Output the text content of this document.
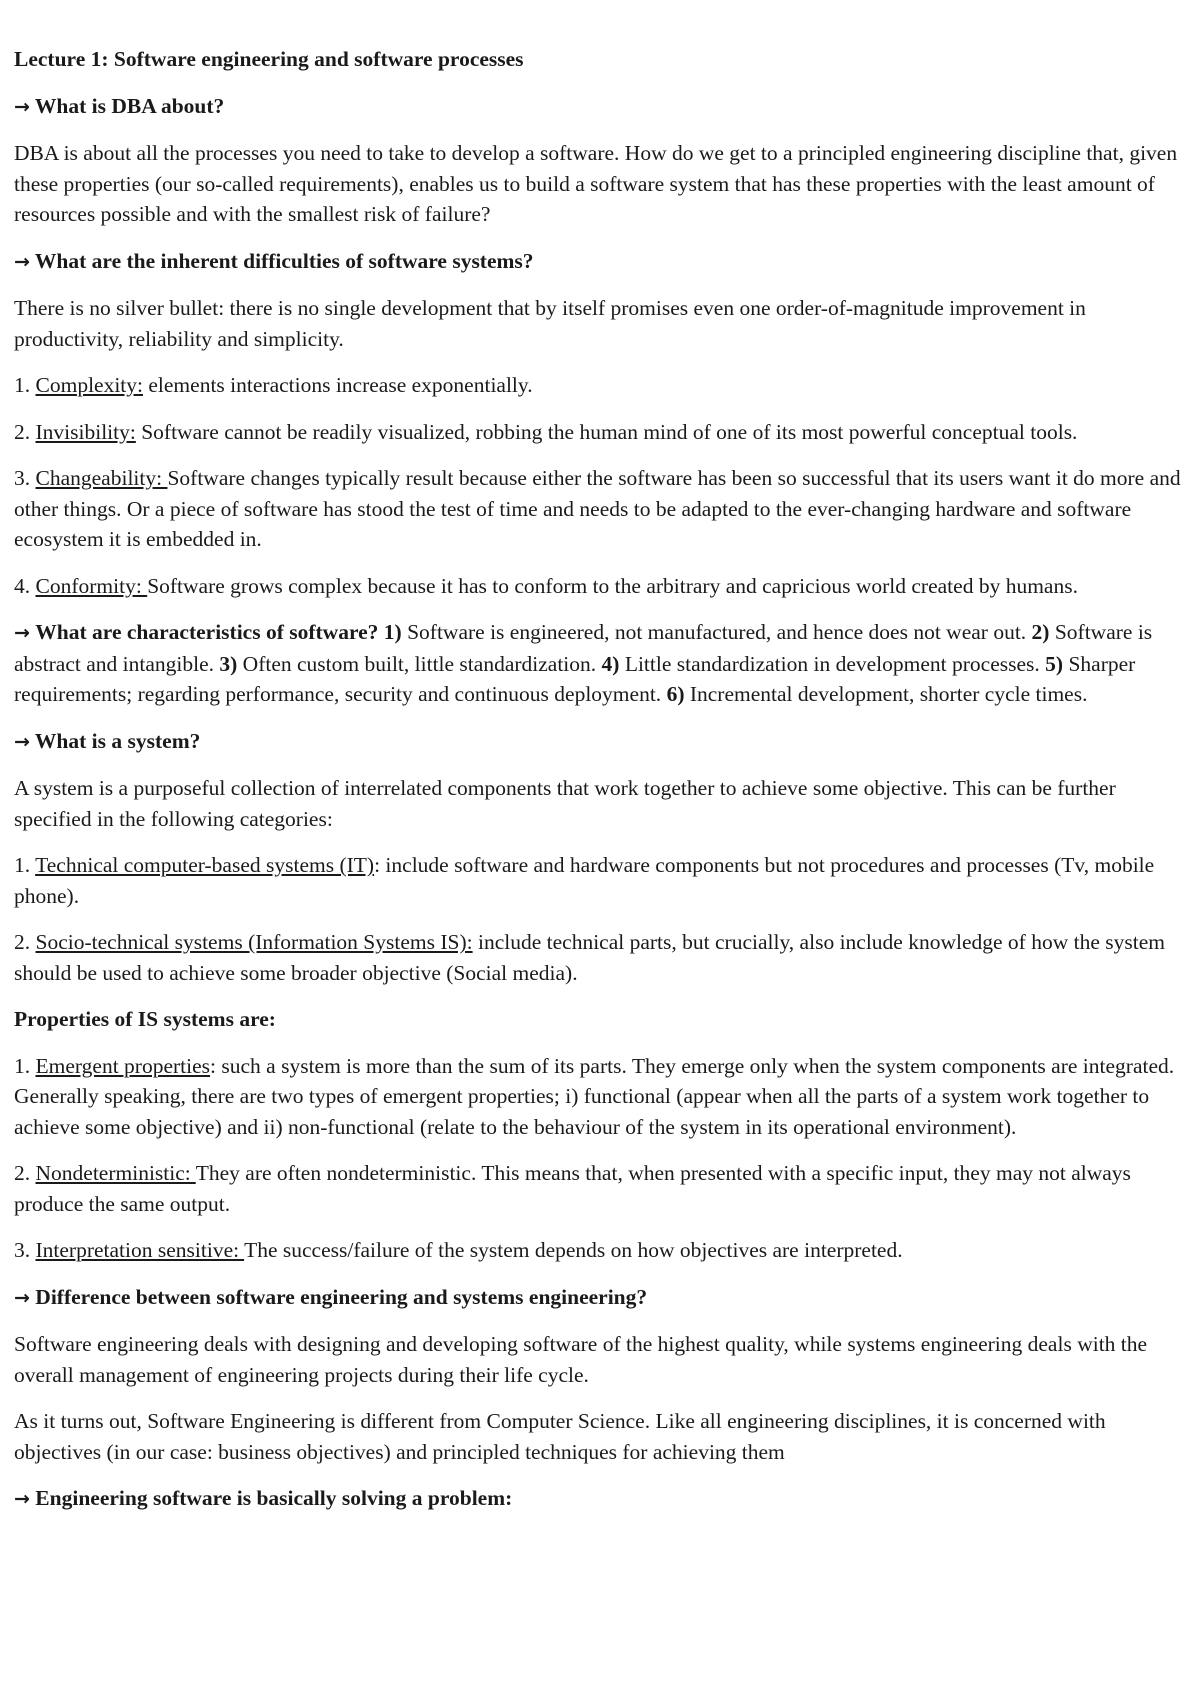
Lecture 1: Software engineering and software processes

→ What is DBA about?

DBA is about all the processes you need to take to develop a software. How do we get to a principled engineering discipline that, given these properties (our so-called requirements), enables us to build a software system that has these properties with the least amount of resources possible and with the smallest risk of failure?

→ What are the inherent difficulties of software systems?

There is no silver bullet: there is no single development that by itself promises even one order-of-magnitude improvement in productivity, reliability and simplicity.

1. Complexity: elements interactions increase exponentially.

2. Invisibility: Software cannot be readily visualized, robbing the human mind of one of its most powerful conceptual tools.

3. Changeability: Software changes typically result because either the software has been so successful that its users want it do more and other things. Or a piece of software has stood the test of time and needs to be adapted to the ever-changing hardware and software ecosystem it is embedded in.

4. Conformity: Software grows complex because it has to conform to the arbitrary and capricious world created by humans.

→ What are characteristics of software? 1) Software is engineered, not manufactured, and hence does not wear out. 2) Software is abstract and intangible. 3) Often custom built, little standardization. 4) Little standardization in development processes. 5) Sharper requirements; regarding performance, security and continuous deployment. 6) Incremental development, shorter cycle times.

→ What is a system?

A system is a purposeful collection of interrelated components that work together to achieve some objective. This can be further specified in the following categories:

1. Technical computer-based systems (IT): include software and hardware components but not procedures and processes (Tv, mobile phone).

2. Socio-technical systems (Information Systems IS): include technical parts, but crucially, also include knowledge of how the system should be used to achieve some broader objective (Social media).

Properties of IS systems are:

1. Emergent properties: such a system is more than the sum of its parts. They emerge only when the system components are integrated. Generally speaking, there are two types of emergent properties; i) functional (appear when all the parts of a system work together to achieve some objective) and ii) non-functional (relate to the behaviour of the system in its operational environment).

2. Nondeterministic: They are often nondeterministic. This means that, when presented with a specific input, they may not always produce the same output.

3. Interpretation sensitive: The success/failure of the system depends on how objectives are interpreted.

→ Difference between software engineering and systems engineering?

Software engineering deals with designing and developing software of the highest quality, while systems engineering deals with the overall management of engineering projects during their life cycle.

As it turns out, Software Engineering is different from Computer Science. Like all engineering disciplines, it is concerned with objectives (in our case: business objectives) and principled techniques for achieving them

→ Engineering software is basically solving a problem:
